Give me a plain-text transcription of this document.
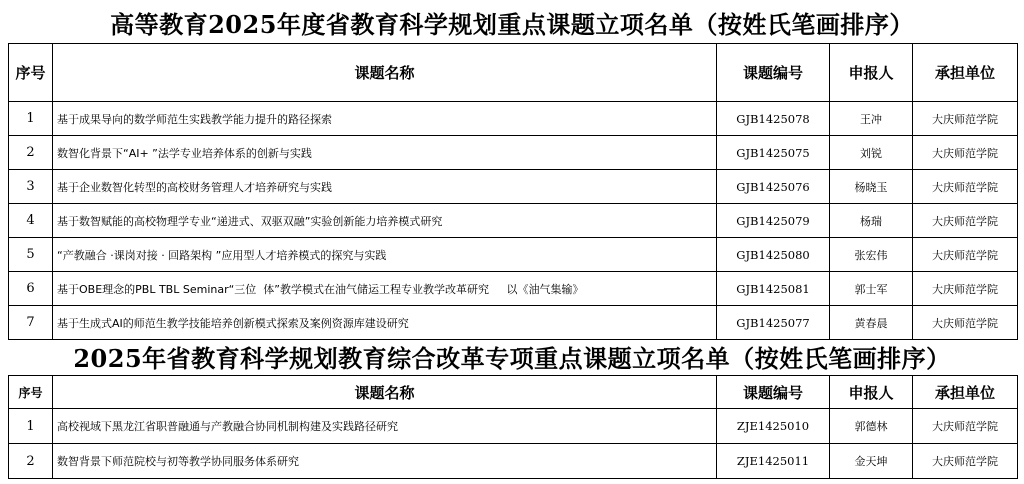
高等教育2025年度省教育科学规划重点课题立项名单（按姓氏笔画排序）
序号	课题名称	课题编号	申报人	承担单位
1	基于成果导向的数学师范生实践教学能力提升的路径探索	GJB1425078	王冲	大庆师范学院
2	数智化背景下“AI+ ”法学专业培养体系的创新与实践	GJB1425075	刘锐	大庆师范学院
3	基于企业数智化转型的高校财务管理人才培养研究与实践	GJB1425076	杨晓玉	大庆师范学院
4	基于数智赋能的高校物理学专业“递进式、双驱双融”实验创新能力培养模式研究	GJB1425079	杨瑞	大庆师范学院
5	“产教融合 ·课岗对接 · 回路架构 ”应用型人才培养模式的探究与实践	GJB1425080	张宏伟	大庆师范学院
6	基于OBE理念的PBL TBL Seminar“三位  体”教学模式在油气储运工程专业教学改革研究     以《油气集输》	GJB1425081	郭士军	大庆师范学院
7	基于生成式AI的师范生教学技能培养创新模式探索及案例资源库建设研究	GJB1425077	黄春晨	大庆师范学院
2025年省教育科学规划教育综合改革专项重点课题立项名单（按姓氏笔画排序）
序号	课题名称	课题编号	申报人	承担单位
1	高校视域下黑龙江省职普融通与产教融合协同机制构建及实践路径研究	ZJE1425010	郭德林	大庆师范学院
2	数智背景下师范院校与初等教学协同服务体系研究	ZJE1425011	金天坤	大庆师范学院
